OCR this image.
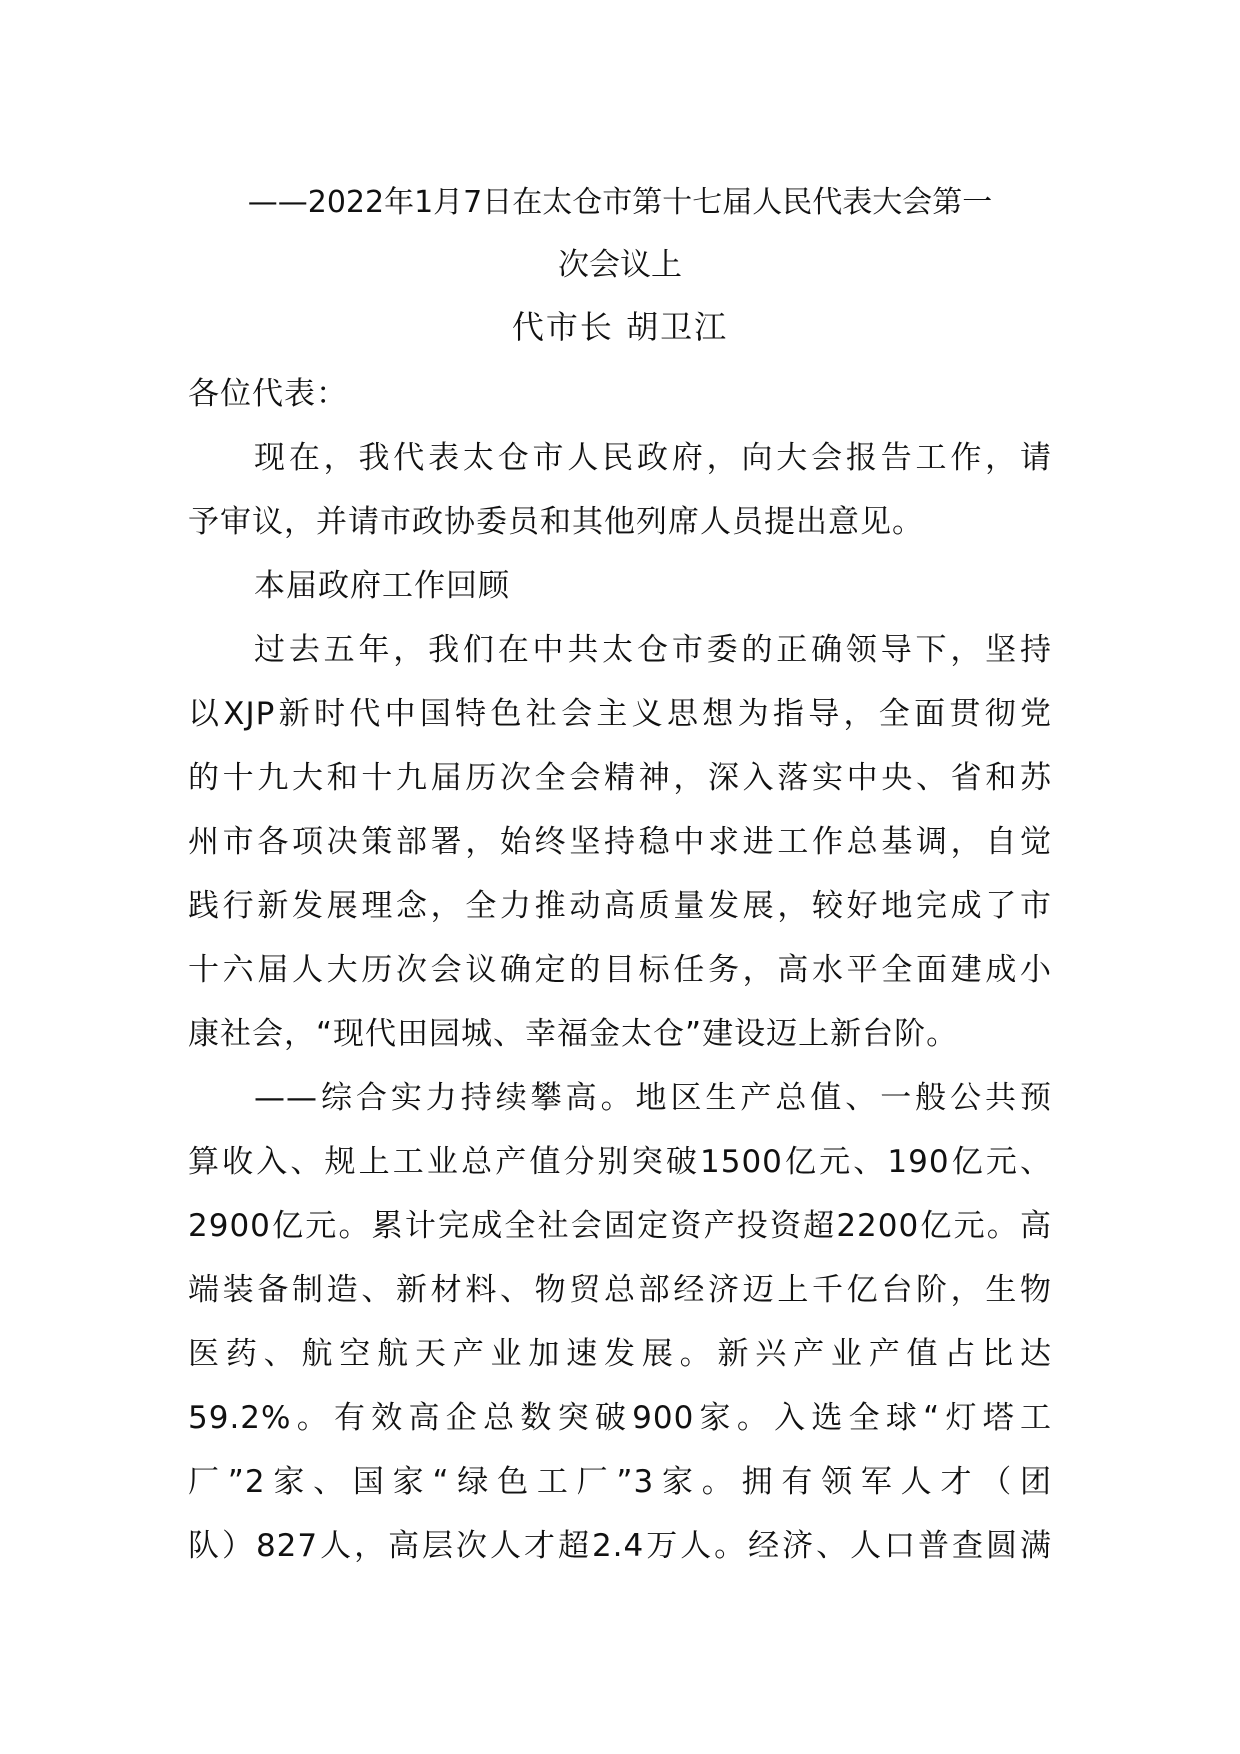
——2022年1月7日在太仓市第十七届人民代表大会第一
次会议上
代市长 胡卫江
各位代表：
现在，我代表太仓市人民政府，向大会报告工作，请
予审议，并请市政协委员和其他列席人员提出意见。
本届政府工作回顾
过去五年，我们在中共太仓市委的正确领导下，坚持
以XJP新时代中国特色社会主义思想为指导，全面贯彻党
的十九大和十九届历次全会精神，深入落实中央、省和苏
州市各项决策部署，始终坚持稳中求进工作总基调，自觉
践行新发展理念，全力推动高质量发展，较好地完成了市
十六届人大历次会议确定的目标任务，高水平全面建成小
康社会，“现代田园城、幸福金太仓”建设迈上新台阶。
——综合实力持续攀高。地区生产总值、一般公共预
算收入、规上工业总产值分别突破1500亿元、190亿元、
2900亿元。累计完成全社会固定资产投资超2200亿元。高
端装备制造、新材料、物贸总部经济迈上千亿台阶，生物
医药、航空航天产业加速发展。新兴产业产值占比达
59.2%。有效高企总数突破900家。入选全球“灯塔工
厂”2家、国家“绿色工厂”3家。拥有领军人才（团
队）827人，高层次人才超2.4万人。经济、人口普查圆满
